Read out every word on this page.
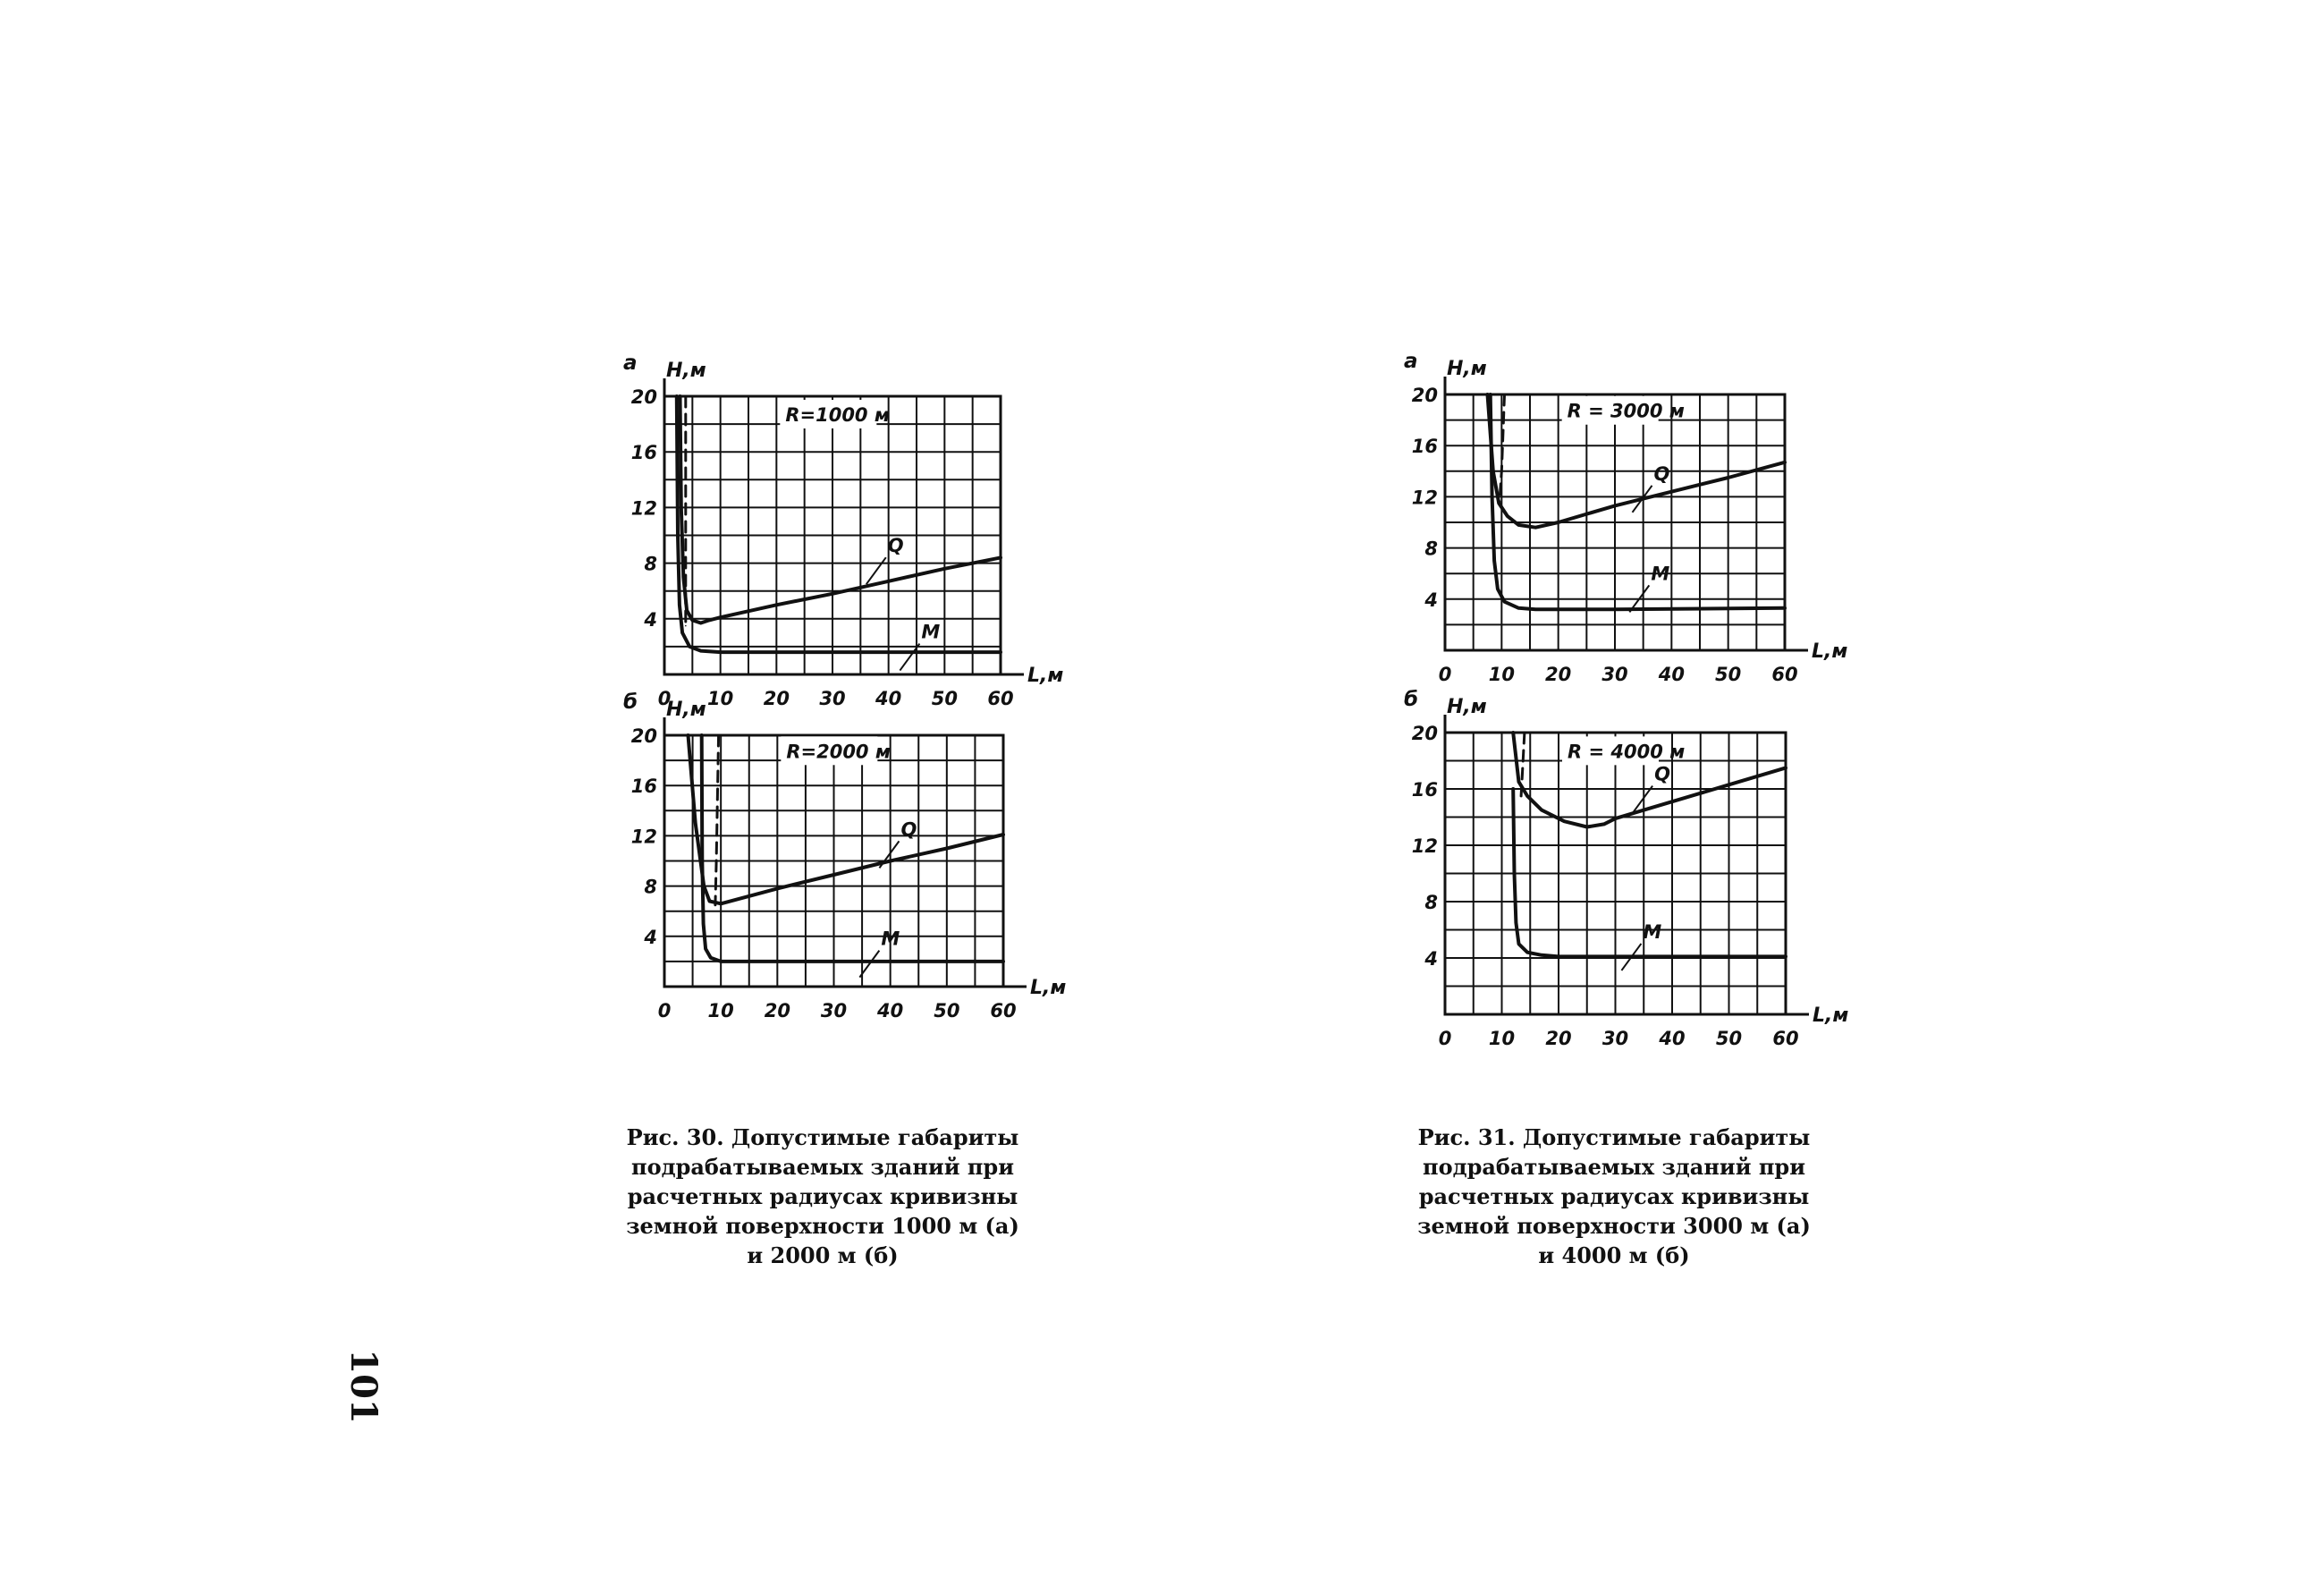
0 10 20 30 40 50 60
4
8
12
16
20
L,м
H,м
а
R=1000 м
Q
M
0 10 20 30 40 50 60
4
8
12
16
20
L,м
H,м
б
R=2000 м
Q
M
0 10 20 30 40 50 60
4
8
12
16
20
L,м
H,м
а
R = 3000 м
Q
M
0 10 20 30 40 50 60
4
8
12
16
20
L,м
H,м
б
R = 4000 м
Q
M
Рис. 30. Допустимые габариты
подрабатываемых зданий при
расчетных радиусах кривизны
земной поверхности 1000 м (а)
и 2000 м (б)
Рис. 31. Допустимые габариты
подрабатываемых зданий при
расчетных радиусах кривизны
земной поверхности 3000 м (а)
и 4000 м (б)
101
